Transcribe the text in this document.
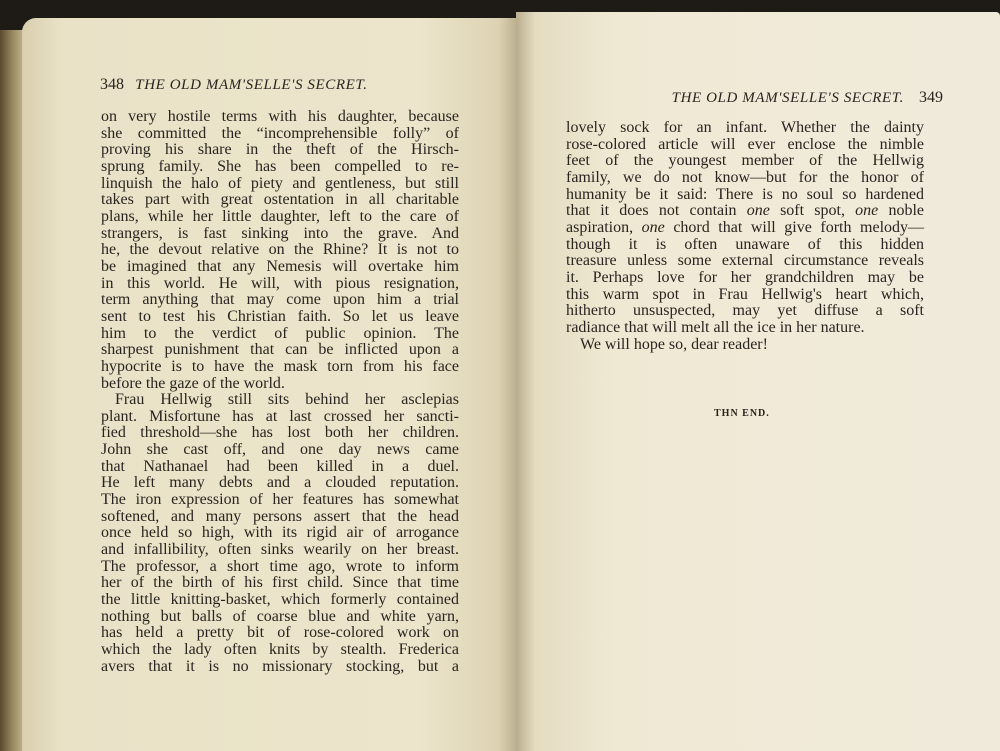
348 THE OLD MAM'SELLE'S SECRET.
on very hostile terms with his daughter, because
she committed the “incomprehensible folly” of
proving his share in the theft of the Hirsch-
sprung family. She has been compelled to re-
linquish the halo of piety and gentleness, but still
takes part with great ostentation in all charitable
plans, while her little daughter, left to the care of
strangers, is fast sinking into the grave. And
he, the devout relative on the Rhine? It is not to
be imagined that any Nemesis will overtake him
in this world. He will, with pious resignation,
term anything that may come upon him a trial
sent to test his Christian faith. So let us leave
him to the verdict of public opinion. The
sharpest punishment that can be inflicted upon a
hypocrite is to have the mask torn from his face
before the gaze of the world.
Frau Hellwig still sits behind her asclepias
plant. Misfortune has at last crossed her sancti-
fied threshold—she has lost both her children.
John she cast off, and one day news came
that Nathanael had been killed in a duel.
He left many debts and a clouded reputation.
The iron expression of her features has somewhat
softened, and many persons assert that the head
once held so high, with its rigid air of arrogance
and infallibility, often sinks wearily on her breast.
The professor, a short time ago, wrote to inform
her of the birth of his first child. Since that time
the little knitting-basket, which formerly contained
nothing but balls of coarse blue and white yarn,
has held a pretty bit of rose-colored work on
which the lady often knits by stealth. Frederica
avers that it is no missionary stocking, but a
THE OLD MAM'SELLE'S SECRET. 349
lovely sock for an infant. Whether the dainty
rose-colored article will ever enclose the nimble
feet of the youngest member of the Hellwig
family, we do not know—but for the honor of
humanity be it said: There is no soul so hardened
that it does not contain one soft spot, one noble
aspiration, one chord that will give forth melody—
though it is often unaware of this hidden
treasure unless some external circumstance reveals
it. Perhaps love for her grandchildren may be
this warm spot in Frau Hellwig's heart which,
hitherto unsuspected, may yet diffuse a soft
radiance that will melt all the ice in her nature.
We will hope so, dear reader!
THN END.
